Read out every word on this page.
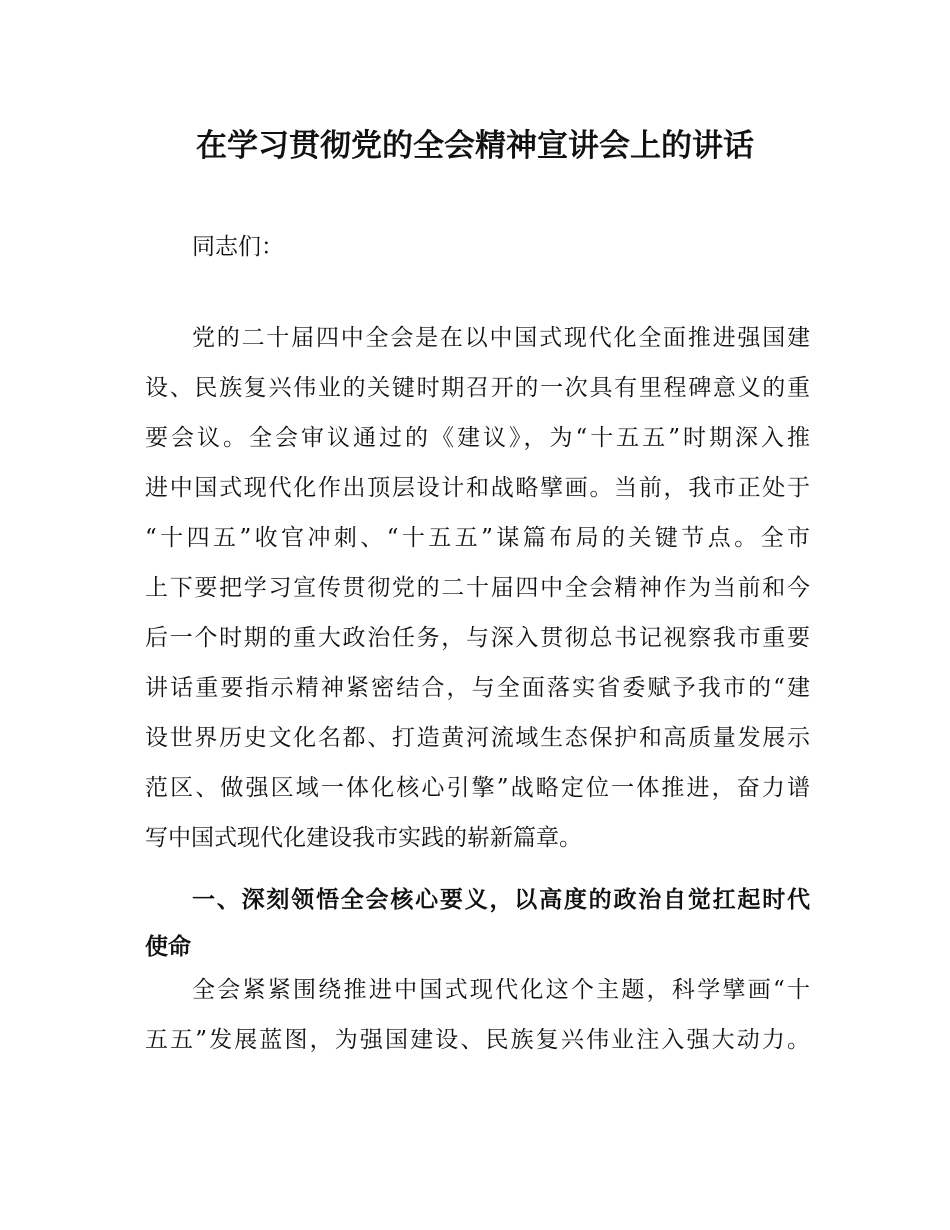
在学习贯彻党的全会精神宣讲会上的讲话
同志们：
党的二十届四中全会是在以中国式现代化全面推进强国建
设、民族复兴伟业的关键时期召开的一次具有里程碑意义的重
要会议。全会审议通过的《建议》，为“十五五”时期深入推
进中国式现代化作出顶层设计和战略擘画。当前，我市正处于
“十四五”收官冲刺、“十五五”谋篇布局的关键节点。全市
上下要把学习宣传贯彻党的二十届四中全会精神作为当前和今
后一个时期的重大政治任务，与深入贯彻总书记视察我市重要
讲话重要指示精神紧密结合，与全面落实省委赋予我市的“建
设世界历史文化名都、打造黄河流域生态保护和高质量发展示
范区、做强区域一体化核心引擎”战略定位一体推进，奋力谱
写中国式现代化建设我市实践的崭新篇章。
一、深刻领悟全会核心要义，以高度的政治自觉扛起时代
使命
全会紧紧围绕推进中国式现代化这个主题，科学擘画“十
五五”发展蓝图，为强国建设、民族复兴伟业注入强大动力。
